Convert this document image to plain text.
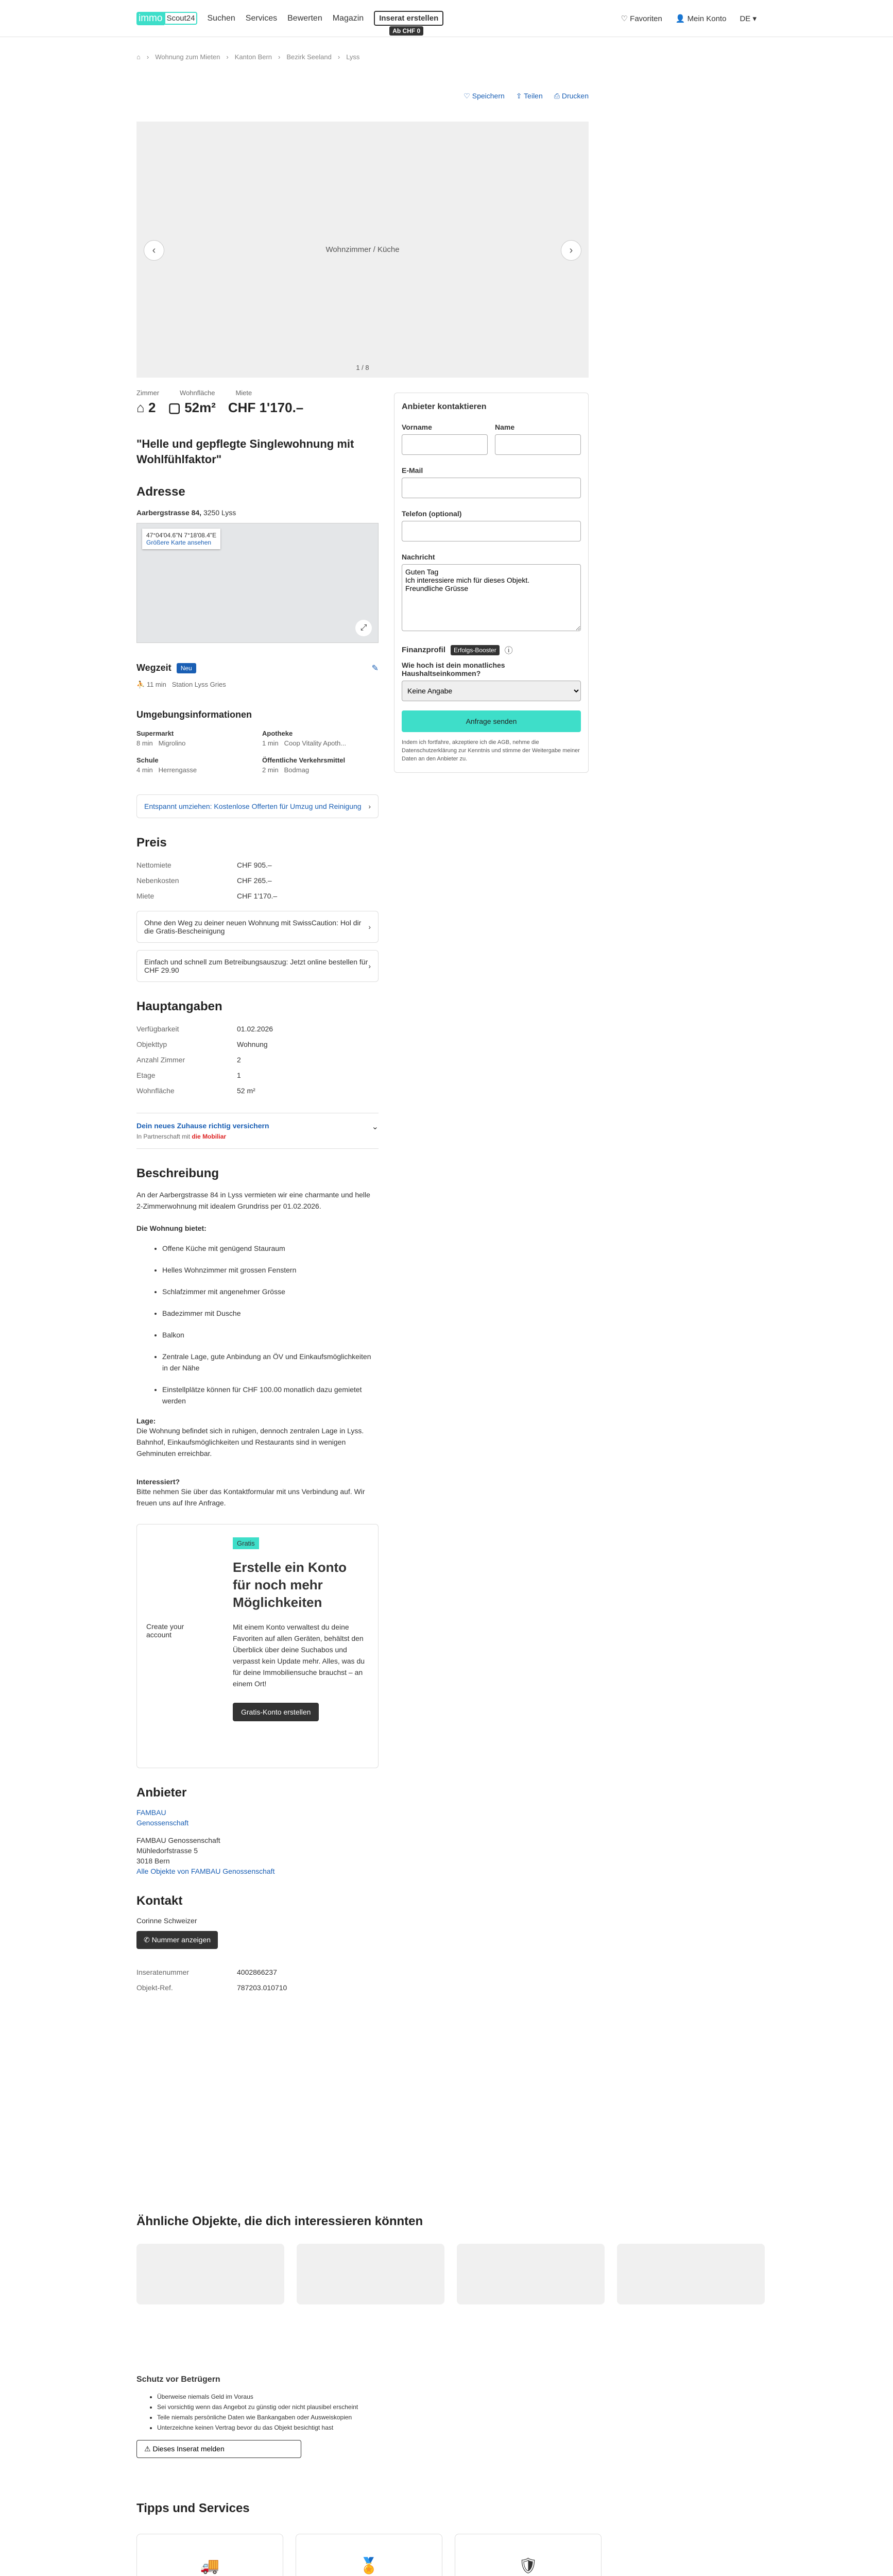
immo Scout24 Suchen Services Bewerten Magazin	Inserat erstellen
Ab CHF 0
♡ Favoriten 👤 Mein Konto DE ▾
⌂ › Wohnung zum Mieten › Kanton Bern › Bezirk Seeland › Lyss
♡ Speichern ⇪ Teilen ⎙ Drucken
‹	Wohnzimmer / Küche	›
1 / 8
Zimmer	Wohnfläche	Miete
⌂ 2 ▢ 52m² CHF 1'170.–
"Helle und gepflegte Singlewohnung mit Wohlfühlfaktor"
Adresse

Aarbergstrasse 84, 3250 Lyss

47°04'04.6"N 7°18'08.4"E
Größere Karte ansehen
⤢
Wegzeit	Neu	✎

⛹ 11 min Station Lyss Gries

Umgebungsinformationen
Supermarkt
8 min Migrolino
Apotheke
1 min Coop Vitality Apoth...
Schule
4 min Herrengasse
Öffentliche Verkehrsmittel
2 min Bodmag
Entspannt umziehen: Kostenlose Offerten für Umzug und Reinigung ›
Preis
Nettomiete	CHF 905.–
Nebenkosten	CHF 265.–
Miete	CHF 1'170.–
Ohne den Weg zu deiner neuen Wohnung mit SwissCaution: Hol dir die Gratis-Bescheinigung	›
Einfach und schnell zum Betreibungsauszug: Jetzt online bestellen für CHF 29.90	›
Hauptangaben
Verfügbarkeit	01.02.2026
Objekttyp	Wohnung
Anzahl Zimmer	2
Etage	1
Wohnfläche	52 m²
Dein neues Zuhause richtig versichern
In Partnerschaft mit die Mobiliar
⌄
Beschreibung

An der Aarbergstrasse 84 in Lyss vermieten wir eine charmante und helle 2-Zimmerwohnung mit idealem Grundriss per 01.02.2026.

Die Wohnung bietet:

• Offene Küche mit genügend Stauraum
• Helles Wohnzimmer mit grossen Fenstern
• Schlafzimmer mit angenehmer Grösse
• Badezimmer mit Dusche
• Balkon
• Zentrale Lage, gute Anbindung an ÖV und Einkaufsmöglichkeiten in der Nähe
• Einstellplätze können für CHF 100.00 monatlich dazu gemietet werden

Lage:

Die Wohnung befindet sich in ruhigen, dennoch zentralen Lage in Lyss. Bahnhof, Einkaufsmöglichkeiten und Restaurants sind in wenigen Gehminuten erreichbar.

Interessiert?

Bitte nehmen Sie über das Kontaktformular mit uns Verbindung auf. Wir freuen uns auf Ihre Anfrage.

Create your account
Gratis
Erstelle ein Konto für noch mehr Möglichkeiten

Mit einem Konto verwaltest du deine Favoriten auf allen Geräten, behältst den Überblick über deine Suchabos und verpasst kein Update mehr. Alles, was du für deine Immobiliensuche brauchst – an einem Ort!

Gratis-Konto erstellen
Anbieter
FAMBAU
Genossenschaft
FAMBAU Genossenschaft
Mühledorfstrasse 5
3018 Bern
Alle Objekte von FAMBAU Genossenschaft
Kontakt

Corinne Schweizer

✆ Nummer anzeigen
Inseratenummer	4002866237
Objekt-Ref.	787203.010710
Anbieter kontaktieren
Vorname	Name
E-Mail
Telefon (optional)
Nachricht
Guten Tag Ich interessiere mich für dieses Objekt. Freundliche Grüsse
Finanzprofil	Erfolgs-Booster	ⓘ
Wie hoch ist dein monatliches Haushaltseinkommen?
Keine Angabe Anfrage senden

Indem ich fortfahre, akzeptiere ich die AGB, nehme die Datenschutzerklärung zur Kenntnis und stimme der Weitergabe meiner Daten an den Anbieter zu.

Ähnliche Objekte, die dich interessieren könnten
Schutz vor Betrügern
• Überweise niemals Geld im Voraus
• Sei vorsichtig wenn das Angebot zu günstig oder nicht plausibel erscheint
• Teile niemals persönliche Daten wie Bankangaben oder Ausweiskopien
• Unterzeichne keinen Vertrag bevor du das Objekt besichtigt hast
⚠ Dieses Inserat melden
Tipps und Services
🚚	🏅	🛡
